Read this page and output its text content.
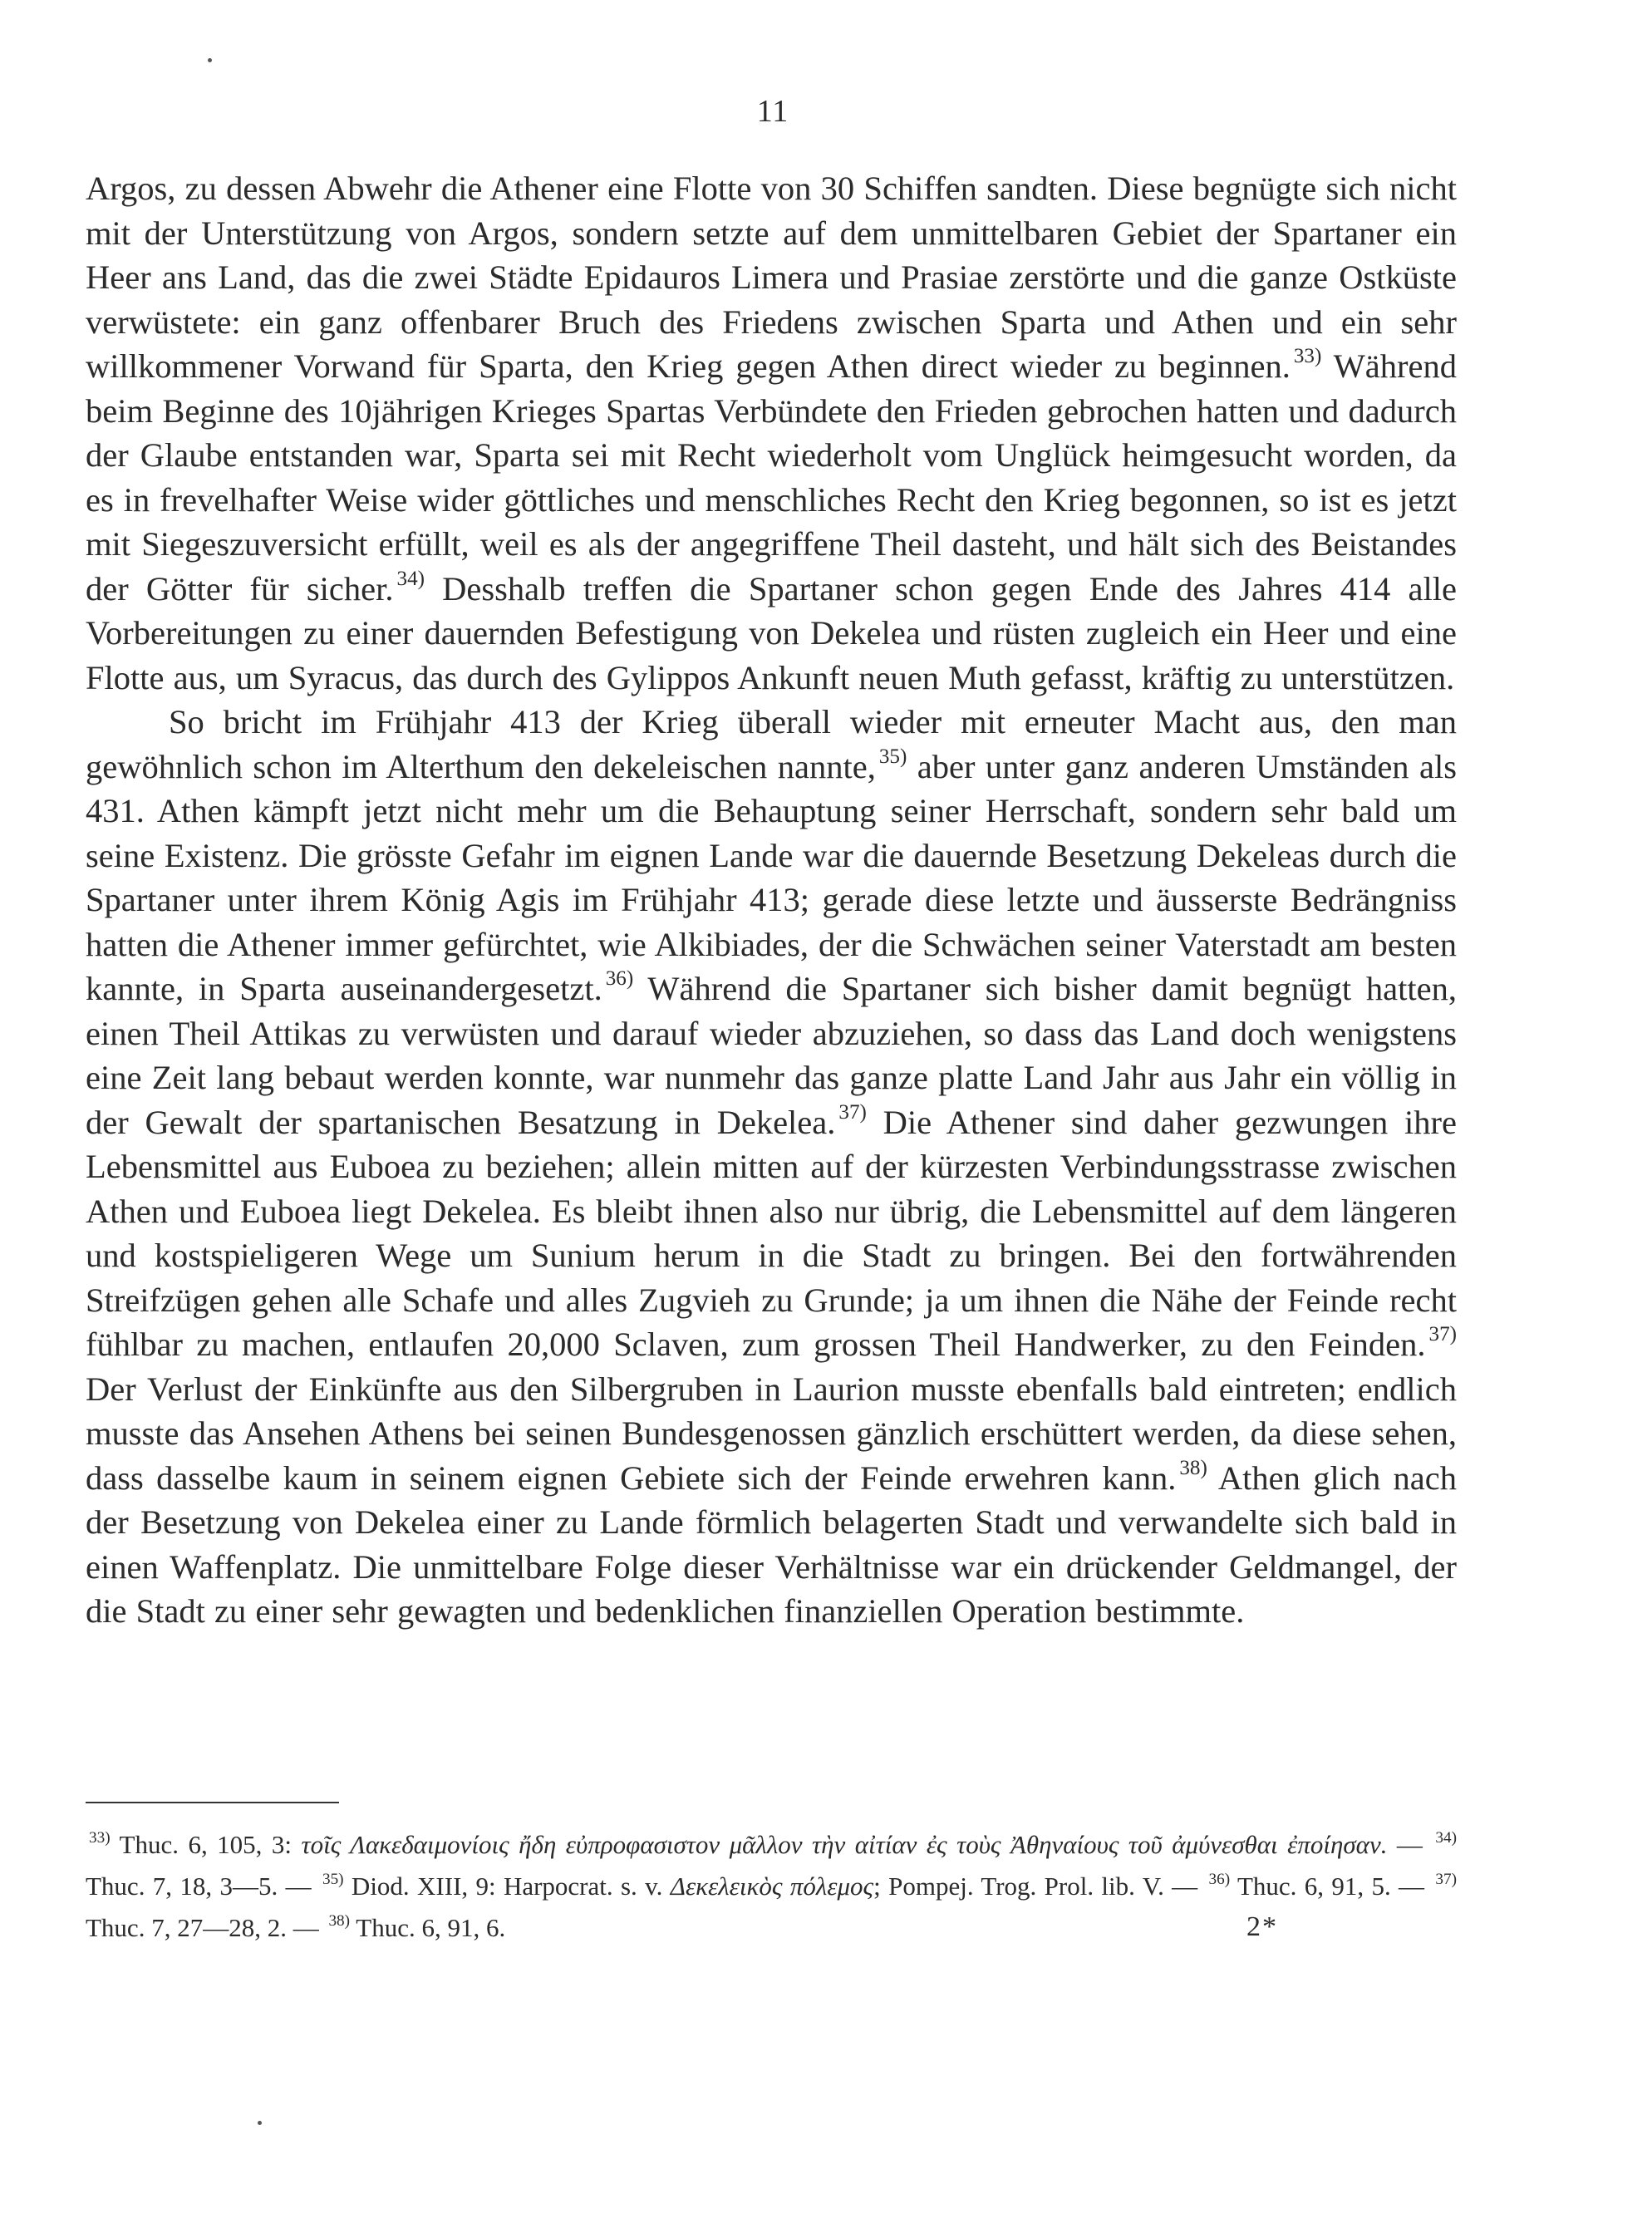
11

Argos, zu dessen Abwehr die Athener eine Flotte von 30 Schiffen sandten. Diese begnügte sich nicht mit der Unterstützung von Argos, sondern setzte auf dem unmittelbaren Gebiet der Spartaner ein Heer ans Land, das die zwei Städte Epidauros Limera und Prasiae zerstörte und die ganze Ostküste verwüstete: ein ganz offenbarer Bruch des Friedens zwischen Sparta und Athen und ein sehr willkommener Vorwand für Sparta, den Krieg gegen Athen direct wieder zu beginnen. $^{33)}$ Während beim Beginne des 10jährigen Krieges Spartas Verbündete den Frieden gebrochen hatten und dadurch der Glaube entstanden war, Sparta sei mit Recht wiederholt vom Unglück heimgesucht worden, da es in frevelhafter Weise wider göttliches und menschliches Recht den Krieg begonnen, so ist es jetzt mit Siegeszuversicht erfüllt, weil es als der angegriffene Theil dasteht, und hält sich des Beistandes der Götter für sicher. $^{34)}$ Desshalb treffen die Spartaner schon gegen Ende des Jahres 414 alle Vorbereitungen zu einer dauernden Befestigung von Dekelea und rüsten zugleich ein Heer und eine Flotte aus, um Syracus, das durch des Gylippos Ankunft neuen Muth gefasst, kräftig zu unterstützen.

So bricht im Frühjahr 413 der Krieg überall wieder mit erneuter Macht aus, den man gewöhnlich schon im Alterthum den dekeleischen nannte, $^{35)}$ aber unter ganz anderen Umständen als 431. Athen kämpft jetzt nicht mehr um die Behauptung seiner Herrschaft, sondern sehr bald um seine Existenz. Die grösste Gefahr im eignen Lande war die dauernde Besetzung Dekeleas durch die Spartaner unter ihrem König Agis im Frühjahr 413; gerade diese letzte und äusserste Bedrängniss hatten die Athener immer gefürchtet, wie Alkibiades, der die Schwächen seiner Vaterstadt am besten kannte, in Sparta auseinandergesetzt. $^{36)}$ Während die Spartaner sich bisher damit begnügt hatten, einen Theil Attikas zu verwüsten und darauf wieder abzuziehen, so dass das Land doch wenigstens eine Zeit lang bebaut werden konnte, war nunmehr das ganze platte Land Jahr aus Jahr ein völlig in der Gewalt der spartanischen Besatzung in Dekelea. $^{37)}$ Die Athener sind daher gezwungen ihre Lebensmittel aus Euboea zu beziehen; allein mitten auf der kürzesten Verbindungsstrasse zwischen Athen und Euboea liegt Dekelea. Es bleibt ihnen also nur übrig, die Lebensmittel auf dem längeren und kostspieligeren Wege um Sunium herum in die Stadt zu bringen. Bei den fortwährenden Streifzügen gehen alle Schafe und alles Zugvieh zu Grunde; ja um ihnen die Nähe der Feinde recht fühlbar zu machen, entlaufen 20,000 Sclaven, zum grossen Theil Handwerker, zu den Feinden. $^{37)}$ Der Verlust der Einkünfte aus den Silbergruben in Laurion musste ebenfalls bald eintreten; endlich musste das Ansehen Athens bei seinen Bundesgenossen gänzlich erschüttert werden, da diese sehen, dass dasselbe kaum in seinem eignen Gebiete sich der Feinde erwehren kann. $^{38)}$ Athen glich nach der Besetzung von Dekelea einer zu Lande förmlich belagerten Stadt und verwandelte sich bald in einen Waffenplatz. Die unmittelbare Folge dieser Verhältnisse war ein drückender Geldmangel, der die Stadt zu einer sehr gewagten und bedenklichen finanziellen Operation bestimmte.

$^{33)}$ Thuc. 6, 105, 3: τοῖς Λακεδαιμονίοις ἤδη εὐπροφασιστον μᾶλλον τὴν αἰτίαν ἐς τοὺς Ἀθηναίους τοῦ ἀμύνεσθαι ἐποίησαν. — $^{34)}$ Thuc. 7, 18, 3—5. — $^{35)}$ Diod. XIII, 9: Harpocrat. s. v. Δεκελεικὸς πόλεμος; Pompej. Trog. Prol. lib. V. — $^{36)}$ Thuc. 6, 91, 5. — $^{37)}$ Thuc. 7, 27—28, 2. — $^{38)}$ Thuc. 6, 91, 6.	2*
